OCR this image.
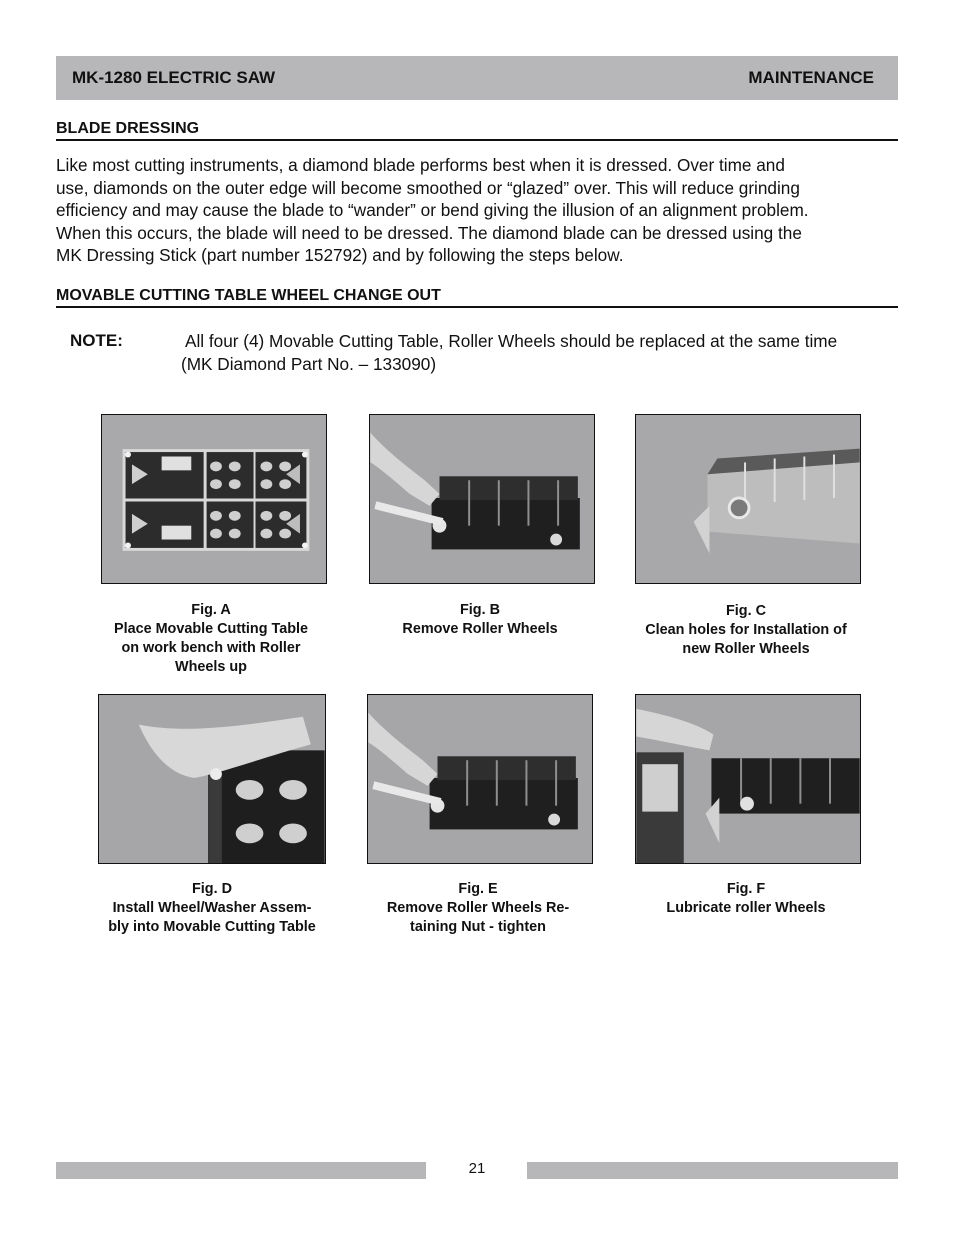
MK-1280 ELECTRIC SAW	MAINTENANCE
BLADE DRESSING

Like most cutting instruments, a diamond blade performs best when it is dressed. Over time and

use, diamonds on the outer edge will become smoothed or “glazed” over. This will reduce grinding

efficiency and may cause the blade to “wander” or bend giving the illusion of an alignment problem.

When this occurs, the blade will need to be dressed. The diamond blade can be dressed using the

MK Dressing Stick (part number 152792) and by following the steps below.

MOVABLE CUTTING TABLE WHEEL CHANGE OUT
NOTE:	All four (4) Movable Cutting Table, Roller Wheels should be replaced at the same time
(MK Diamond Part No. – 133090)
Fig. A
Place Movable Cutting Table
on work bench with Roller
Wheels up
Fig. B
Remove Roller Wheels
Fig. C
Clean holes for Installation of
new Roller Wheels
Fig. D
Install Wheel/Washer Assem-
bly into Movable Cutting Table
Fig. E
Remove Roller Wheels Re-
taining Nut - tighten
Fig. F
Lubricate roller Wheels
21
